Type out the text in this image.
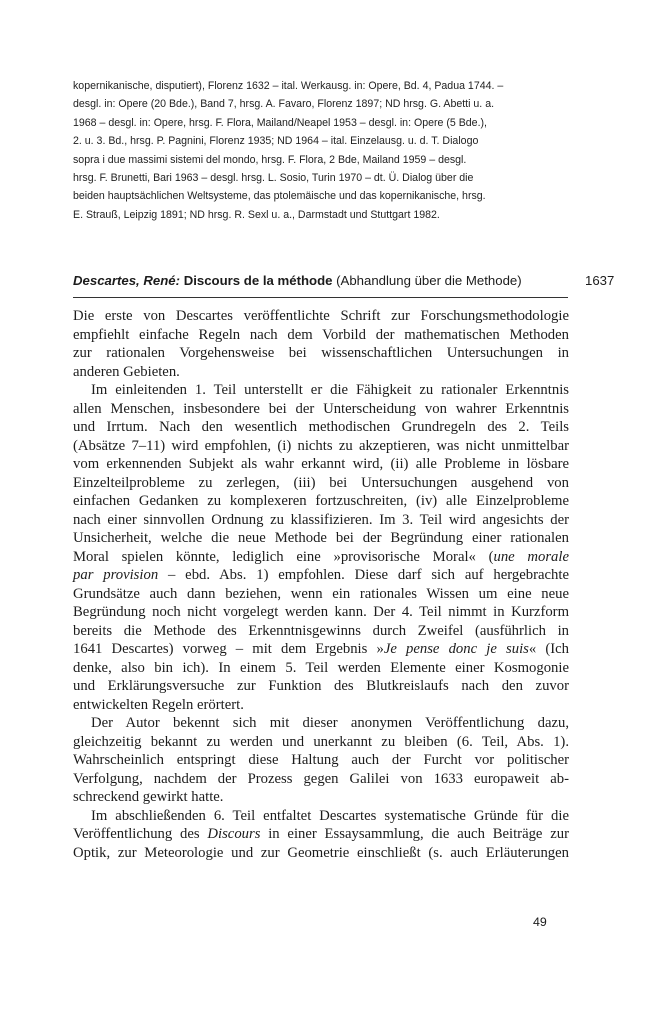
kopernikanische, disputiert), Florenz 1632 – ital. Werkausg. in: Opere, Bd. 4, Padua 1744. –
desgl. in: Opere (20 Bde.), Band 7, hrsg. A. Favaro, Florenz 1897; ND hrsg. G. Abetti u. a.
1968 – desgl. in: Opere, hrsg. F. Flora, Mailand/Neapel 1953 – desgl. in: Opere (5 Bde.),
2. u. 3. Bd., hrsg. P. Pagnini, Florenz 1935; ND 1964 – ital. Einzelausg. u. d. T. Dialogo
sopra i due massimi sistemi del mondo, hrsg. F. Flora, 2 Bde, Mailand 1959 – desgl.
hrsg. F. Brunetti, Bari 1963 – desgl. hrsg. L. Sosio, Turin 1970 – dt. Ü. Dialog über die
beiden hauptsächlichen Weltsysteme, das ptolemäische und das kopernikanische, hrsg.
E. Strauß, Leipzig 1891; ND hrsg. R. Sexl u. a., Darmstadt und Stuttgart 1982.
Descartes, René: Discours de la méthode (Abhandlung über die Methode)	1637
Die erste von Descartes veröffentlichte Schrift zur Forschungsmethodologie
empfiehlt einfache Regeln nach dem Vorbild der mathematischen Methoden
zur rationalen Vorgehensweise bei wissenschaftlichen Untersuchungen in
anderen Gebieten.
Im einleitenden 1. Teil unterstellt er die Fähigkeit zu rationaler Erkenntnis
allen Menschen, insbesondere bei der Unterscheidung von wahrer Erkenntnis
und Irrtum. Nach den wesentlich methodischen Grundregeln des 2. Teils
(Absätze 7–11) wird empfohlen, (i) nichts zu akzeptieren, was nicht unmittelbar
vom erkennenden Subjekt als wahr erkannt wird, (ii) alle Probleme in lösbare
Einzelteilprobleme zu zerlegen, (iii) bei Untersuchungen ausgehend von
einfachen Gedanken zu komplexeren fortzuschreiten, (iv) alle Einzelprobleme
nach einer sinnvollen Ordnung zu klassifizieren. Im 3. Teil wird angesichts der
Unsicherheit, welche die neue Methode bei der Begründung einer rationalen
Moral spielen könnte, lediglich eine »provisorische Moral« (une morale
par provision – ebd. Abs. 1) empfohlen. Diese darf sich auf hergebrachte
Grundsätze auch dann beziehen, wenn ein rationales Wissen um eine neue
Begründung noch nicht vorgelegt werden kann. Der 4. Teil nimmt in Kurzform
bereits die Methode des Erkenntnisgewinns durch Zweifel (ausführlich in
1641 Descartes) vorweg – mit dem Ergebnis »Je pense donc je suis« (Ich
denke, also bin ich). In einem 5. Teil werden Elemente einer Kosmogonie
und Erklärungsversuche zur Funktion des Blutkreislaufs nach den zuvor
entwickelten Regeln erörtert.
Der Autor bekennt sich mit dieser anonymen Veröffentlichung dazu,
gleichzeitig bekannt zu werden und unerkannt zu bleiben (6. Teil, Abs. 1).
Wahrscheinlich entspringt diese Haltung auch der Furcht vor politischer
Verfolgung, nachdem der Prozess gegen Galilei von 1633 europaweit ab-
schreckend gewirkt hatte.
Im abschließenden 6. Teil entfaltet Descartes systematische Gründe für die
Veröffentlichung des Discours in einer Essaysammlung, die auch Beiträge zur
Optik, zur Meteorologie und zur Geometrie einschließt (s. auch Erläuterungen
49
